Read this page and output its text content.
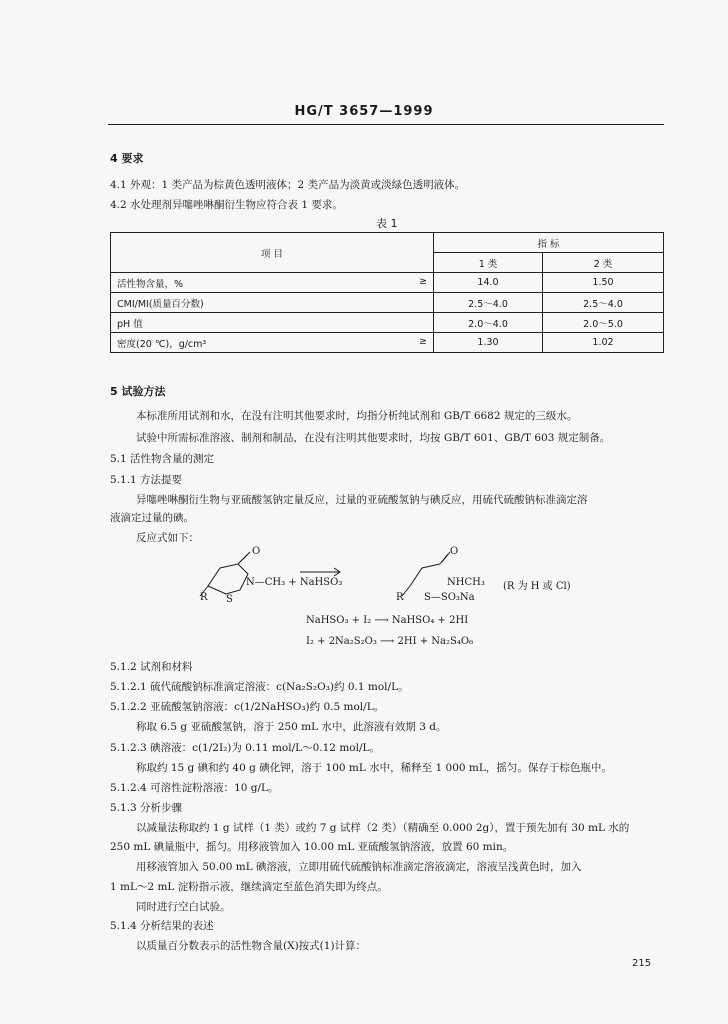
HG/T 3657—1999
4 要求
4.1 外观：1 类产品为棕黄色透明液体；2 类产品为淡黄或淡绿色透明液体。
4.2 水处理剂异噻唑啉酮衍生物应符合表 1 要求。
表 1
项 目	指 标	
	1 类	2 类
活性物含量，% ≥	14.0	1.50
CMI/MI(质量百分数)	2.5～4.0	2.5～4.0
pH 值	2.0～4.0	2.0～5.0
密度(20 ℃)，g/cm³ ≥	1.30	1.02
5 试验方法
本标准所用试剂和水，在没有注明其他要求时，均指分析纯试剂和 GB/T 6682 规定的三级水。
试验中所需标准溶液、制剂和制品，在没有注明其他要求时，均按 GB/T 601、GB/T 603 规定制备。
5.1 活性物含量的测定
5.1.1 方法提要
异噻唑啉酮衍生物与亚硫酸氢钠定量反应，过量的亚硫酸氢钠与碘反应，用硫代硫酸钠标准滴定溶
液滴定过量的碘。
反应式如下：
O
N—CH₃ + NaHSO₃
R S
O
NHCH₃ (R 为 H 或 Cl)
R S—SO₃Na
NaHSO₃ + I₂ ⟶ NaHSO₄ + 2HI
I₂ + 2Na₂S₂O₃ ⟶ 2HI + Na₂S₄O₆
5.1.2 试剂和材料
5.1.2.1 硫代硫酸钠标准滴定溶液：c(Na₂S₂O₃)约 0.1 mol/L。
5.1.2.2 亚硫酸氢钠溶液：c(1/2NaHSO₃)约 0.5 mol/L。
称取 6.5 g 亚硫酸氢钠，溶于 250 mL 水中，此溶液有效期 3 d。
5.1.2.3 碘溶液：c(1/2I₂)为 0.11 mol/L～0.12 mol/L。
称取约 15 g 碘和约 40 g 碘化钾，溶于 100 mL 水中，稀释至 1 000 mL，摇匀。保存于棕色瓶中。
5.1.2.4 可溶性淀粉溶液：10 g/L。
5.1.3 分析步骤
以减量法称取约 1 g 试样（1 类）或约 7 g 试样（2 类）（精确至 0.000 2g），置于预先加有 30 mL 水的
250 mL 碘量瓶中，摇匀。用移液管加入 10.00 mL 亚硫酸氢钠溶液，放置 60 min。
用移液管加入 50.00 mL 碘溶液，立即用硫代硫酸钠标准滴定溶液滴定，溶液呈浅黄色时，加入
1 mL～2 mL 淀粉指示液，继续滴定至蓝色消失即为终点。
同时进行空白试验。
5.1.4 分析结果的表述
以质量百分数表示的活性物含量(X)按式(1)计算：
215
